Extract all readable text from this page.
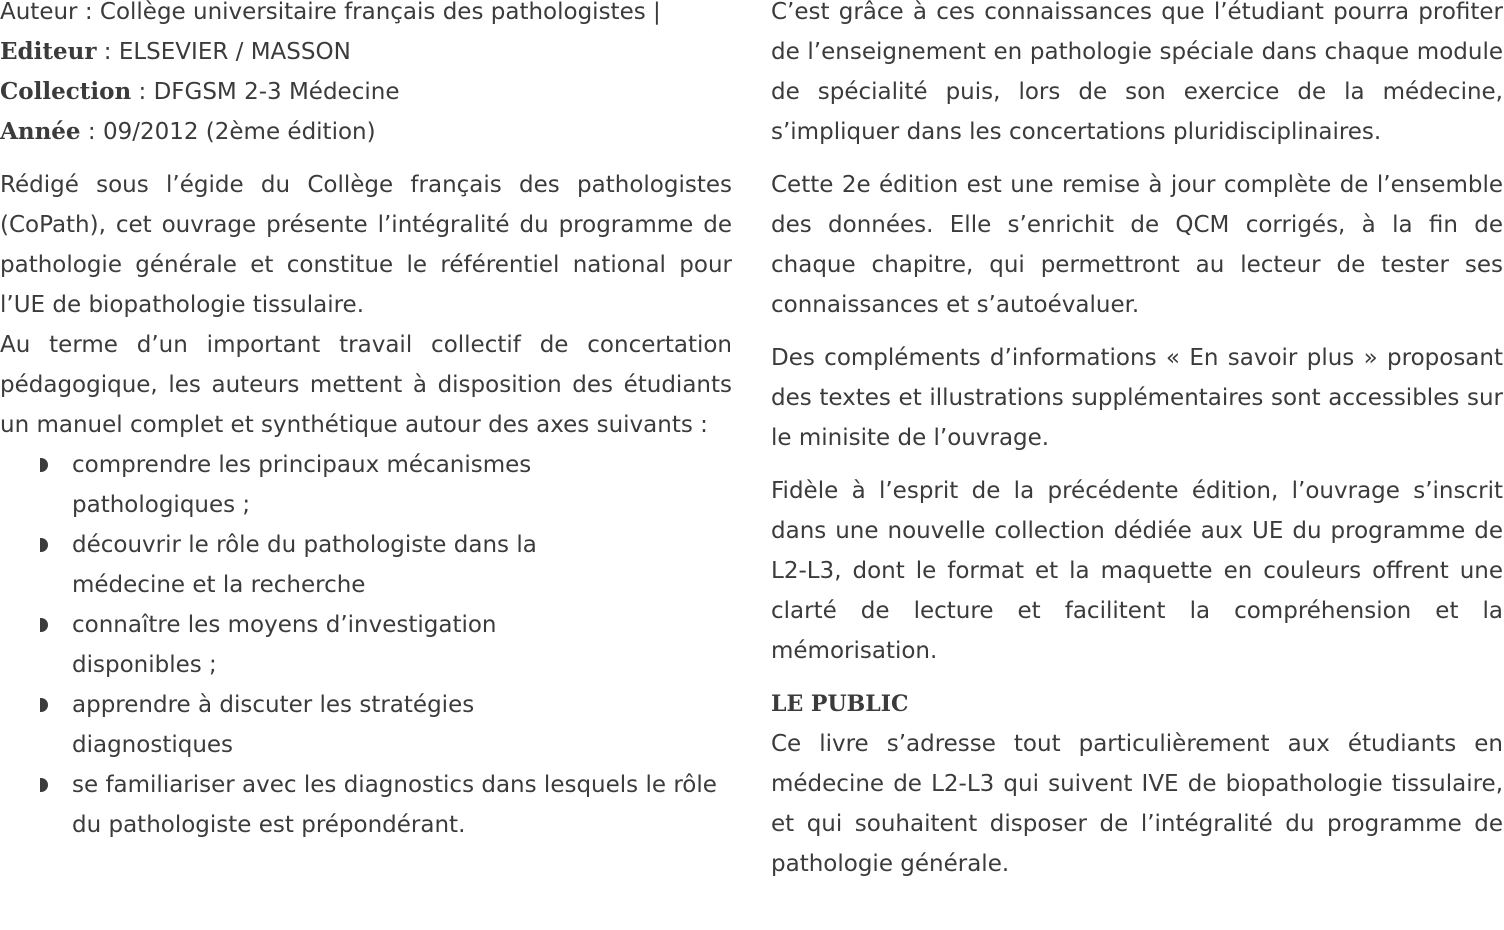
Auteur : Collège universitaire français des pathologistes |
Editeur : ELSEVIER / MASSON
Collection : DFGSM 2-3 Médecine
Année : 09/2012 (2ème édition)

Rédigé sous l’égide du Collège français des pathologistes (CoPath), cet ouvrage présente l’intégralité du programme de pathologie générale et constitue le référentiel national pour l’UE de biopathologie tissulaire.

Au terme d’un important travail collectif de concertation pédagogique, les auteurs mettent à disposition des étudiants un manuel complet et synthétique autour des axes suivants :

comprendre les principaux mécanismes pathologiques ;
découvrir le rôle du pathologiste dans la médecine et la recherche
connaître les moyens d’investigation disponibles ;
apprendre à discuter les stratégies diagnostiques
se familiariser avec les diagnostics dans lesquels le rôle du pathologiste est prépondérant.

C’est grâce à ces connaissances que l’étudiant pourra profiter de l’enseignement en pathologie spéciale dans chaque module de spécialité puis, lors de son exercice de la médecine, s’impliquer dans les concertations pluridisciplinaires.

Cette 2e édition est une remise à jour complète de l’ensemble des données. Elle s’enrichit de QCM corrigés, à la fin de chaque chapitre, qui permettront au lecteur de tester ses connaissances et s’autoévaluer.

Des compléments d’informations « En savoir plus » proposant des textes et illustrations supplémentaires sont accessibles sur le minisite de l’ouvrage.

Fidèle à l’esprit de la précédente édition, l’ouvrage s’inscrit dans une nouvelle collection dédiée aux UE du programme de L2-L3, dont le format et la maquette en couleurs offrent une clarté de lecture et facilitent la compréhension et la mémorisation.

LE PUBLIC

Ce livre s’adresse tout particulièrement aux étudiants en médecine de L2-L3 qui suivent IVE de biopathologie tissulaire, et qui souhaitent disposer de l’intégralité du programme de pathologie générale.
